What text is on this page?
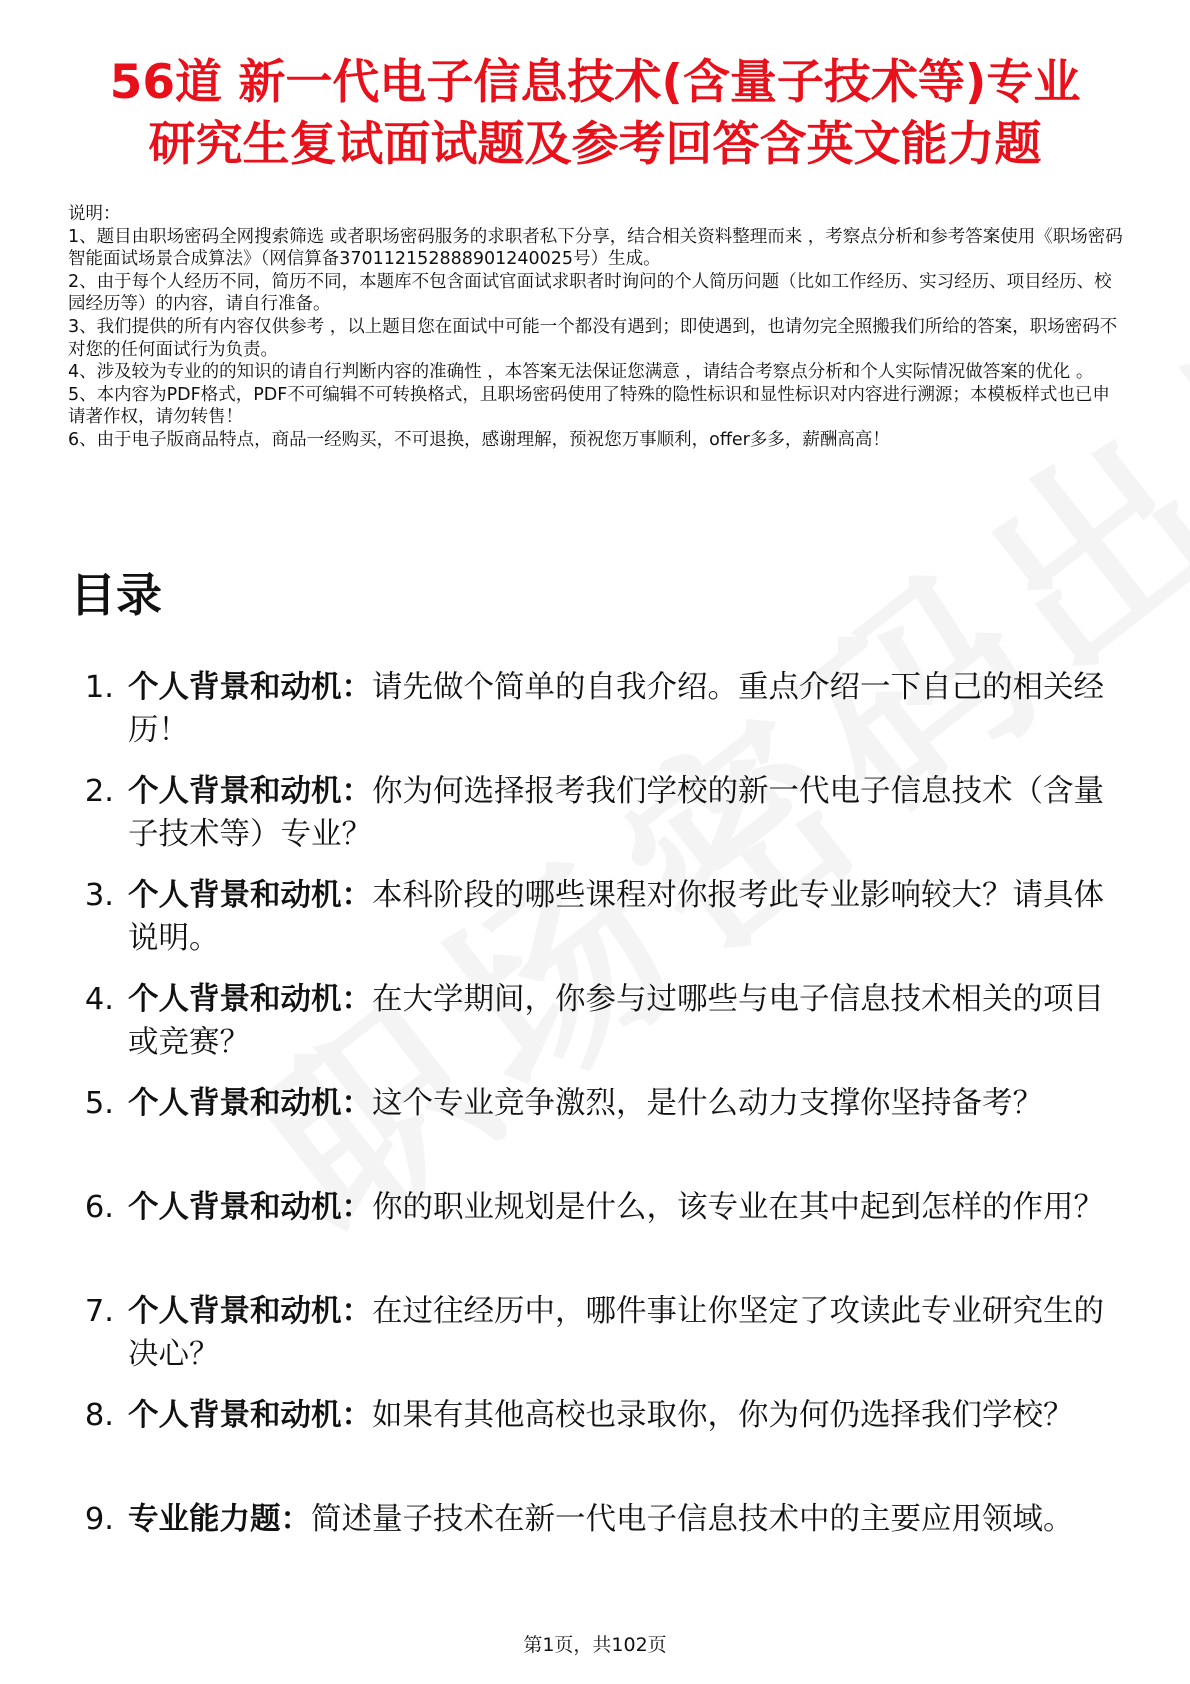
56道 新一代电子信息技术(含量子技术等)专业
研究生复试面试题及参考回答含英文能力题

说明：

1、题目由职场密码全网搜索筛选 或者职场密码服务的求职者私下分享，结合相关资料整理而来 ，考察点分析和参考答案使用《职场密码智能面试场景合成算法》（网信算备370112152888901240025号）生成。

2、由于每个人经历不同，简历不同，本题库不包含面试官面试求职者时询问的个人简历问题（比如工作经历、实习经历、项目经历、校园经历等）的内容，请自行准备。

3、我们提供的所有内容仅供参考 ，以上题目您在面试中可能一个都没有遇到；即使遇到，也请勿完全照搬我们所给的答案，职场密码不对您的任何面试行为负责。

4、涉及较为专业的的知识的请自行判断内容的准确性 ，本答案无法保证您满意 ，请结合考察点分析和个人实际情况做答案的优化 。

5、本内容为PDF格式，PDF不可编辑不可转换格式，且职场密码使用了特殊的隐性标识和显性标识对内容进行溯源；本模板样式也已申请著作权，请勿转售！

6、由于电子版商品特点，商品一经购买，不可退换，感谢理解，预祝您万事顺利，offer多多，薪酬高高！

目录
1. 个人背景和动机：请先做个简单的自我介绍。重点介绍一下自己的相关经历！
2. 个人背景和动机：你为何选择报考我们学校的新一代电子信息技术（含量子技术等）专业？
3. 个人背景和动机：本科阶段的哪些课程对你报考此专业影响较大？请具体说明。
4. 个人背景和动机：在大学期间，你参与过哪些与电子信息技术相关的项目或竞赛？
5. 个人背景和动机：这个专业竞争激烈，是什么动力支撑你坚持备考？
6. 个人背景和动机：你的职业规划是什么，该专业在其中起到怎样的作用？
7. 个人背景和动机：在过往经历中，哪件事让你坚定了攻读此专业研究生的决心？
8. 个人背景和动机：如果有其他高校也录取你，你为何仍选择我们学校？
9. 专业能力题：简述量子技术在新一代电子信息技术中的主要应用领域。
第1页，共102页
